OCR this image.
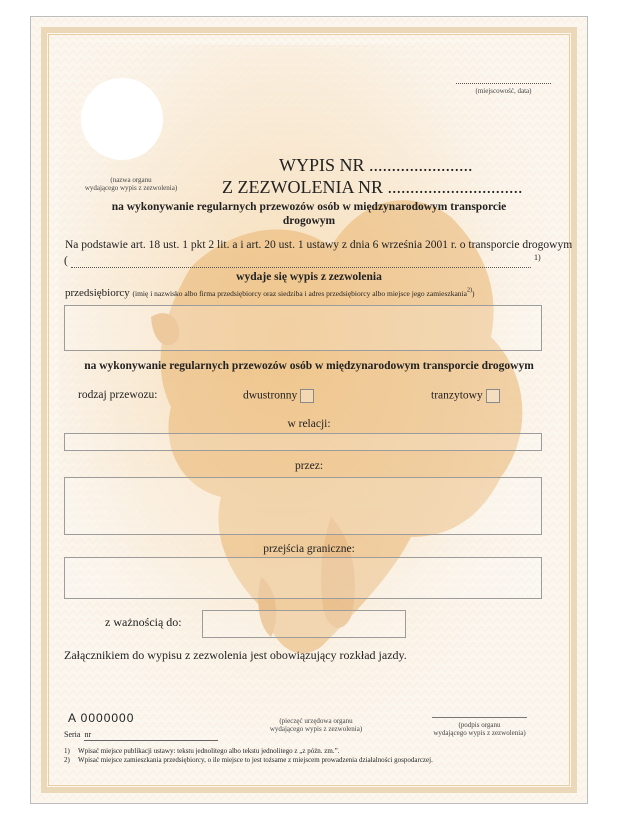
(miejscowość, data)
(nazwa organu
wydającego wypis z zezwolenia)
WYPIS NR .......................
Z ZEZWOLENIA NR ..............................
na wykonywanie regularnych przewozów osób w międzynarodowym transporcie
drogowym
Na podstawie art. 18 ust. 1 pkt 2 lit. a i art. 20 ust. 1 ustawy z dnia 6 września 2001 r. o transporcie drogowym
(	1)
wydaje się wypis z zezwolenia
przedsiębiorcy (imię i nazwisko albo firma przedsiębiorcy oraz siedziba i adres przedsiębiorcy albo miejsce jego zamieszkania$^{2)}$)
na wykonywanie regularnych przewozów osób w międzynarodowym transporcie drogowym
rodzaj przewozu:	dwustronny	tranzytowy
w relacji:
przez:
przejścia graniczne:
z ważnością do:
Załącznikiem do wypisu z zezwolenia jest obowiązujący rozkład jazdy.
A 0000000
Seria nr
(pieczęć urzędowa organu
wydającego wypis z zezwolenia)	(podpis organu
wydającego wypis z zezwolenia)
1) Wpisać miejsce publikacji ustawy: tekstu jednolitego albo tekstu jednolitego z „z późn. zm.”.
2) Wpisać miejsce zamieszkania przedsiębiorcy, o ile miejsce to jest tożsame z miejscem prowadzenia działalności gospodarczej.
